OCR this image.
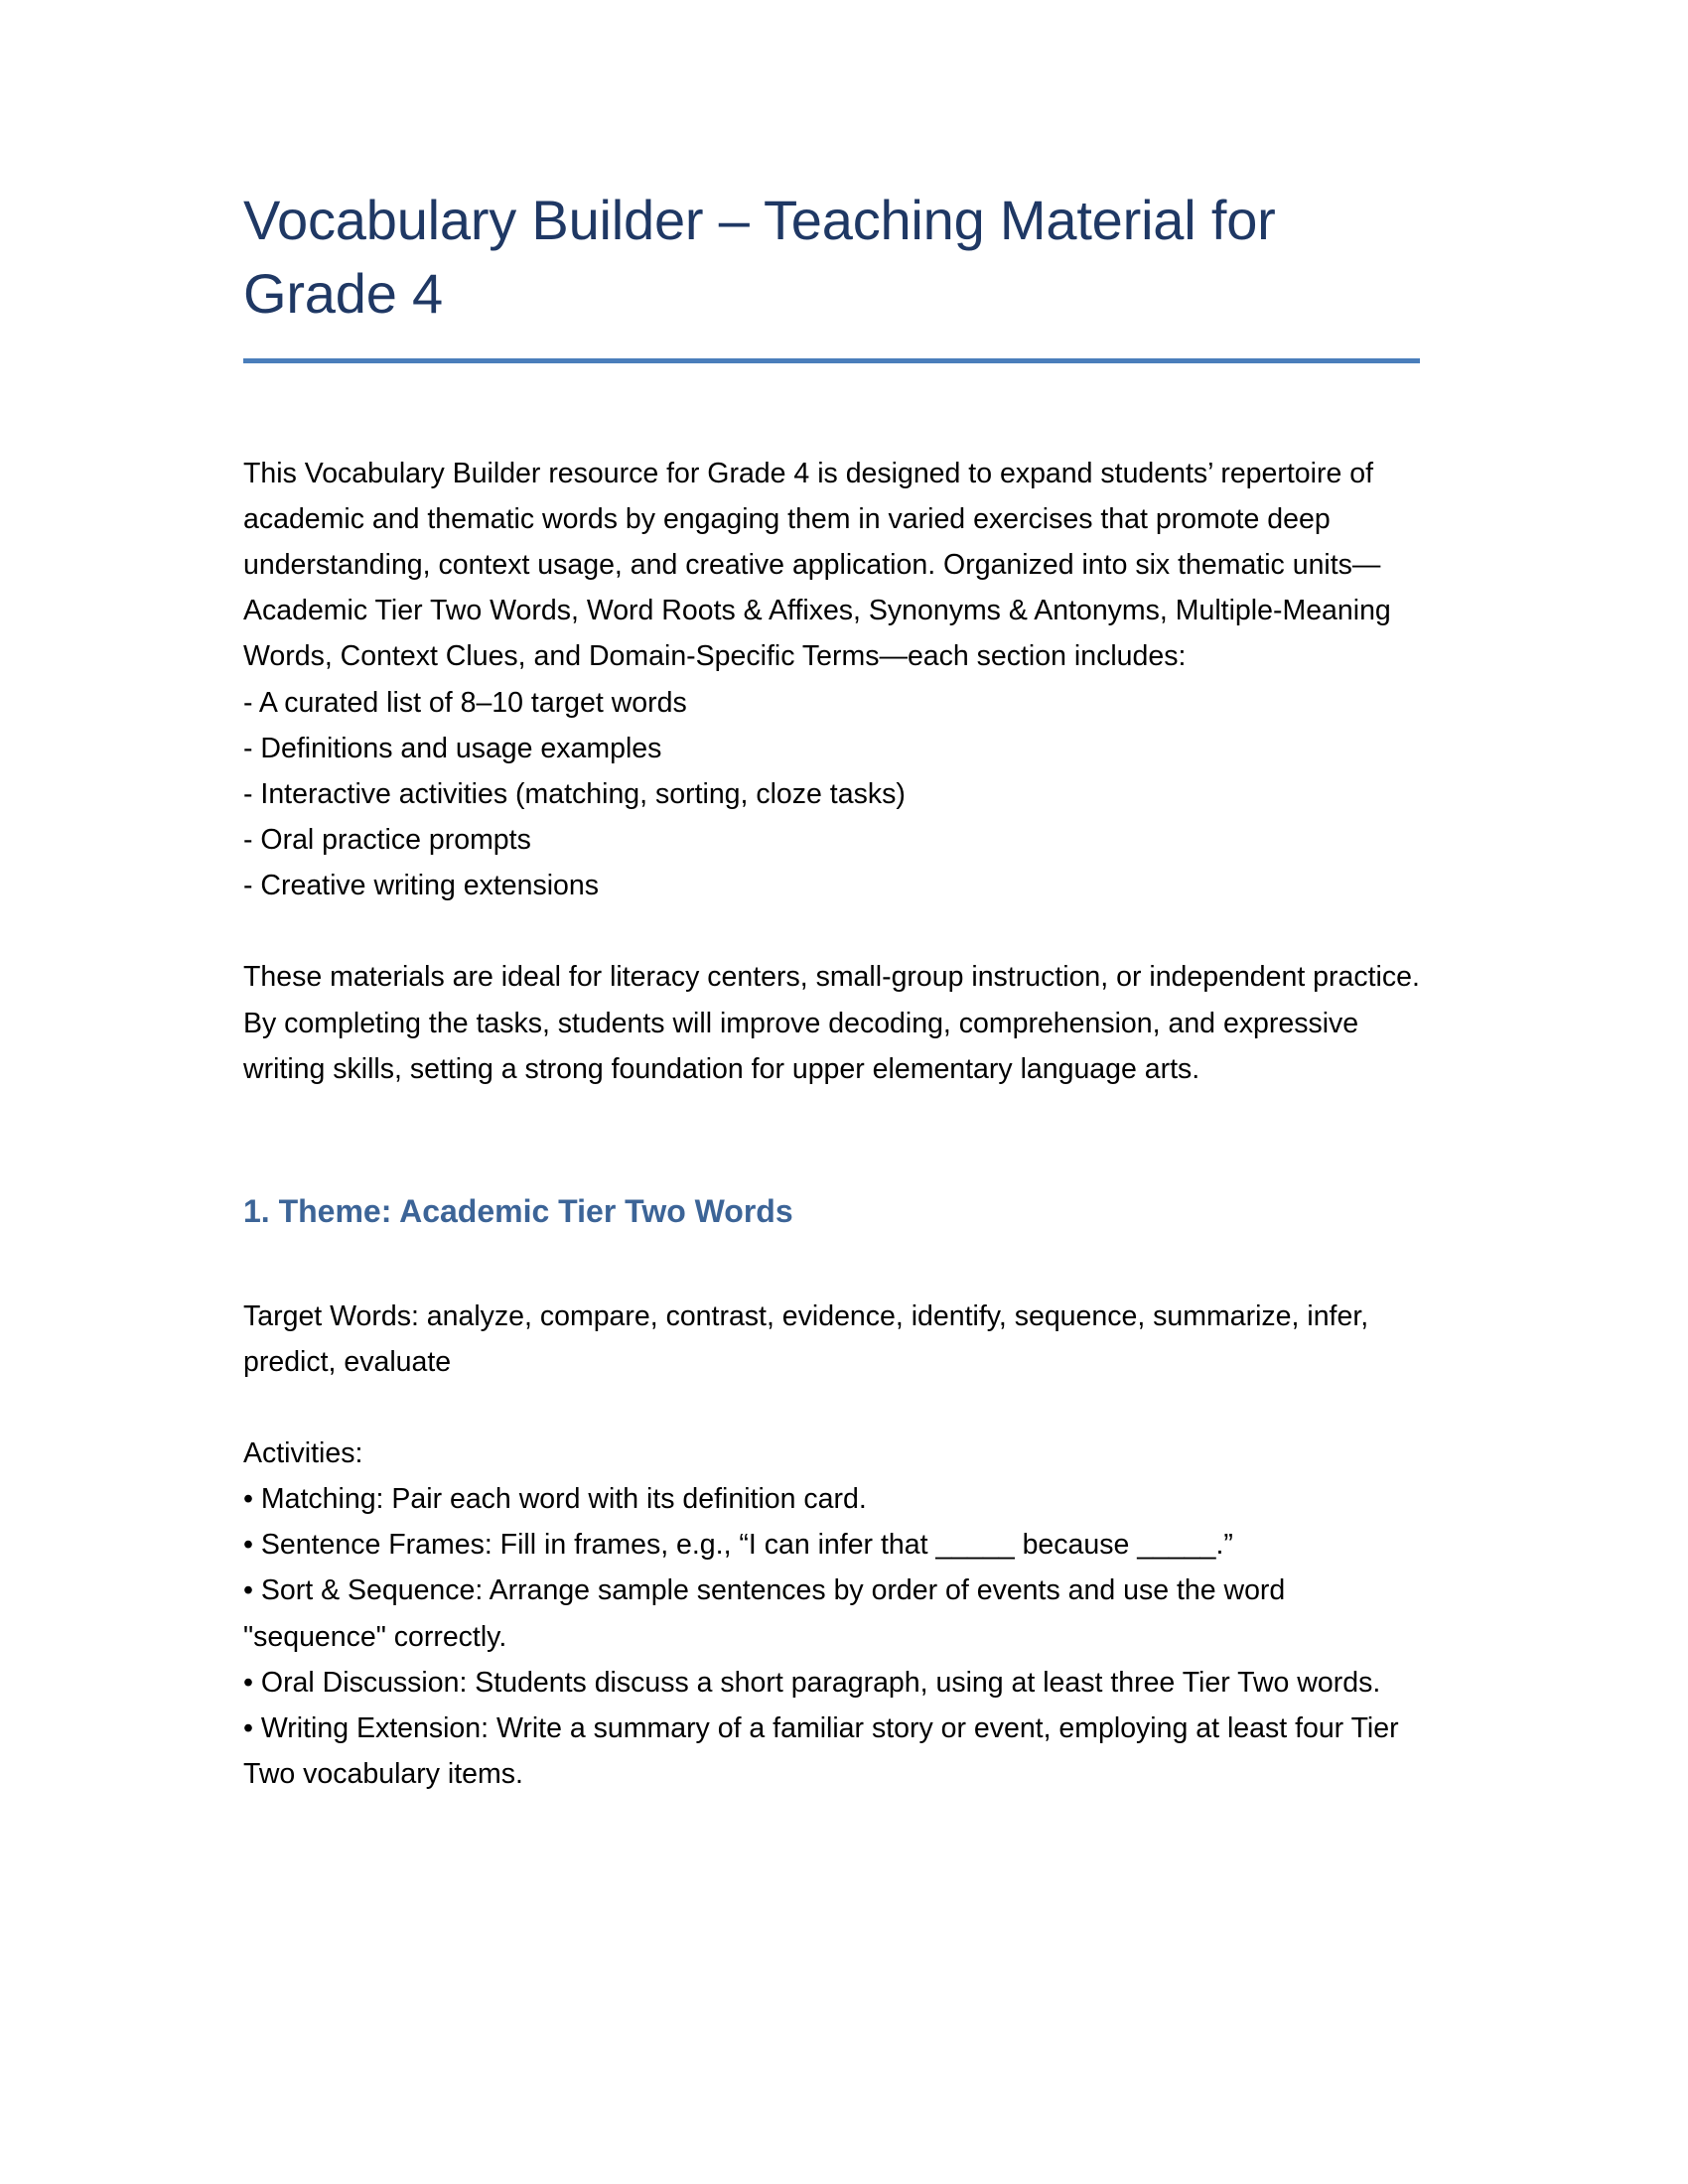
Vocabulary Builder – Teaching Material for Grade 4

This Vocabulary Builder resource for Grade 4 is designed to expand students’ repertoire of academic and thematic words by engaging them in varied exercises that promote deep understanding, context usage, and creative application. Organized into six thematic units—Academic Tier Two Words, Word Roots & Affixes, Synonyms & Antonyms, Multiple-Meaning Words, Context Clues, and Domain-Specific Terms—each section includes:

- A curated list of 8–10 target words
- Definitions and usage examples
- Interactive activities (matching, sorting, cloze tasks)
- Oral practice prompts
- Creative writing extensions

These materials are ideal for literacy centers, small-group instruction, or independent practice. By completing the tasks, students will improve decoding, comprehension, and expressive writing skills, setting a strong foundation for upper elementary language arts.

1. Theme: Academic Tier Two Words

Target Words: analyze, compare, contrast, evidence, identify, sequence, summarize, infer, predict, evaluate

Activities:

• Matching: Pair each word with its definition card.
• Sentence Frames: Fill in frames, e.g., “I can infer that _____ because _____.”
• Sort & Sequence: Arrange sample sentences by order of events and use the word "sequence" correctly.
• Oral Discussion: Students discuss a short paragraph, using at least three Tier Two words.
• Writing Extension: Write a summary of a familiar story or event, employing at least four Tier Two vocabulary items.
